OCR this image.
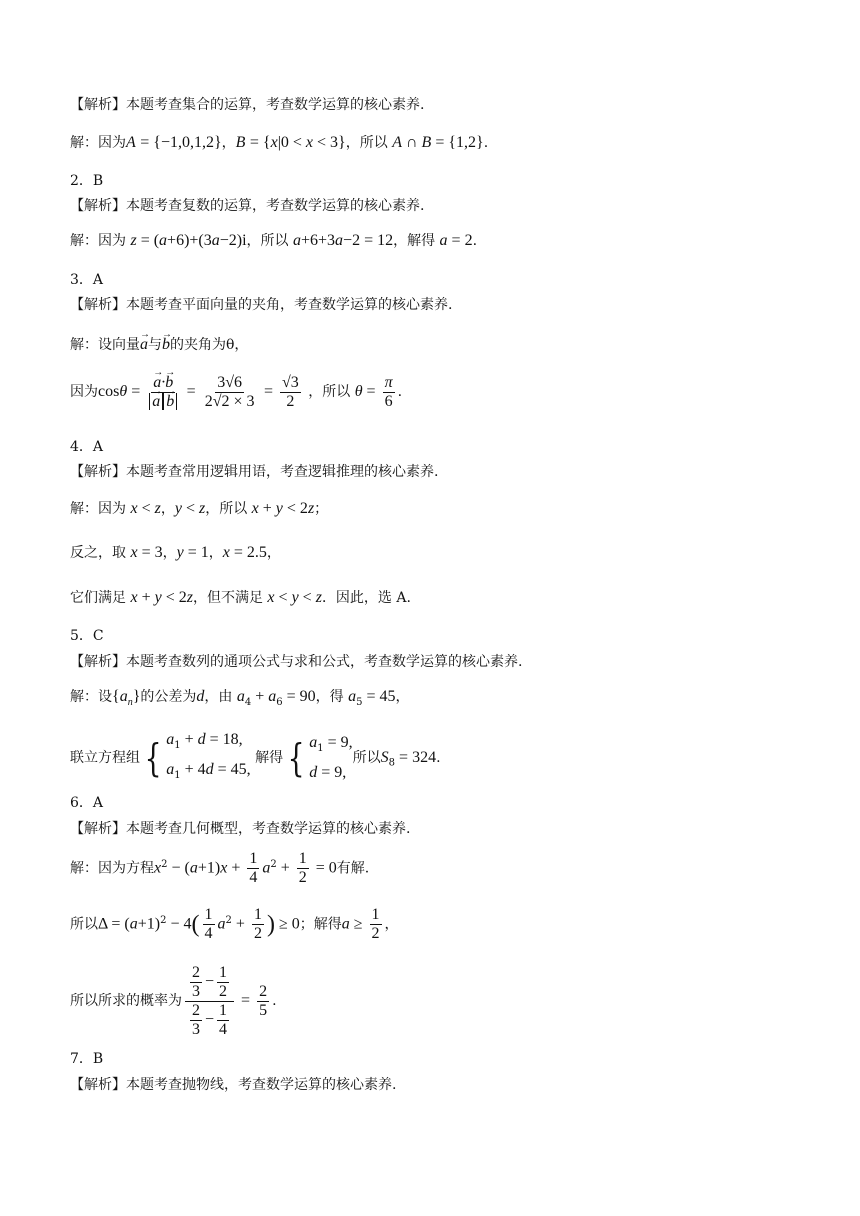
【解析】本题考查集合的运算，考查数学运算的核心素养.
解：因为A = {−1,0,1,2}，B = {x|0 < x < 3}，所以 A ∩ B = {1,2}.
2．B
【解析】本题考查复数的运算，考查数学运算的核心素养.
解：因为 z = (a+6)+(3a−2)i，所以 a+6+3a−2 = 12，解得 a = 2.
3．A
【解析】本题考查平面向量的夹角，考查数学运算的核心素养.
解：设向量→ a与→ b的夹角为θ，
因为cosθ = → a·→ b
→ $a \to b = \frac{3√6}{2√2 \times 3} = \frac{√3}{2}$ ，所以 $\theta = \frac{\pi}{6}$ .
4．A
【解析】本题考查常用逻辑用语，考查逻辑推理的核心素养.
解：因为 x < z，y < z，所以 x + y < 2z；
反之，取 x = 3，y = 1，x = 2.5，
它们满足 x + y < 2z，但不满足 x < y < z．因此，选 A.
5．C
【解析】本题考查数列的通项公式与求和公式，考查数学运算的核心素养.
解：设$\{a_n\}$的公差为d，由 $a_4 + a_6 = 90$，得 $a_5 = 45$，
联立方程组 { $a_1 + d = 18$,
$a_1 + 4d = 45$,
解得 { $a_1 = 9$,
d = 9,
所以$S_8 = 324$.
6．A
【解析】本题考查几何概型，考查数学运算的核心素养.
解：因为方程$x^2 - (a+1)x + \frac{1}{4} a^2 + \frac{1}{2} = 0$有解.
所以$\Delta = (a+1)^2 - 4( \frac{1}{4} a^2 + \frac{1}{2}$ ) ≥ 0；解得$a \ge \frac{1}{2}$ ，
所以所求的概率为 $\frac{\frac{2}{3} - \frac{1}{2}}{\frac{2}{3} - \frac{1}{4}} = \frac{2}{5}$ .
7．B
【解析】本题考查抛物线，考查数学运算的核心素养.
